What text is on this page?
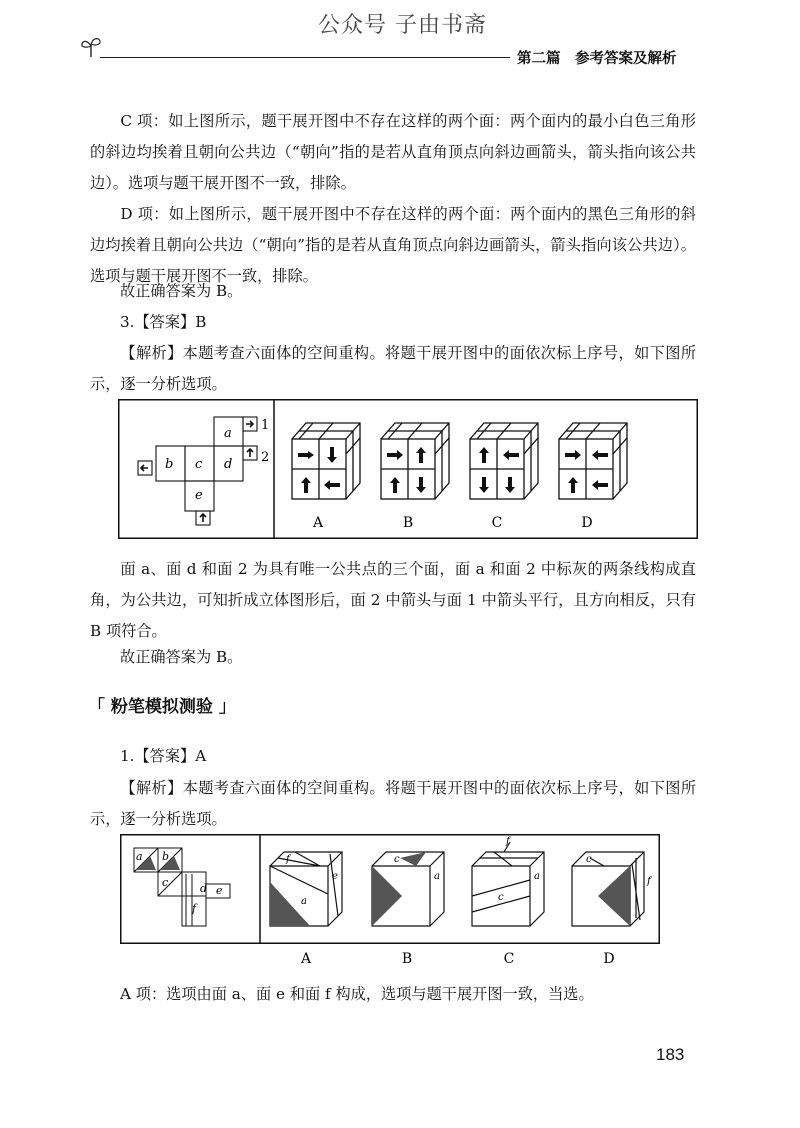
公众号 子由书斋
第二篇　参考答案及解析

C 项：如上图所示，题干展开图中不存在这样的两个面：两个面内的最小白色三角形的斜边均挨着且朝向公共边（“朝向”指的是若从直角顶点向斜边画箭头，箭头指向该公共边）。选项与题干展开图不一致，排除。

D 项：如上图所示，题干展开图中不存在这样的两个面：两个面内的黑色三角形的斜边均挨着且朝向公共边（“朝向”指的是若从直角顶点向斜边画箭头，箭头指向该公共边）。选项与题干展开图不一致，排除。

故正确答案为 B。
3.【答案】B

【解析】本题考查六面体的空间重构。将题干展开图中的面依次标上序号，如下图所示，逐一分析选项。

a
b c d
e
1
2
A	B	C	D

面 a、面 d 和面 2 为具有唯一公共点的三个面，面 a 和面 2 中标灰的两条线构成直角，为公共边，可知折成立体图形后，面 2 中箭头与面 1 中箭头平行，且方向相反，只有 B 项符合。

故正确答案为 B。
「 粉笔模拟测验 」
1.【答案】A

【解析】本题考查六面体的空间重构。将题干展开图中的面依次标上序号，如下图所示，逐一分析选项。

a b
c	d e
f
f
e
a
c
a
f
a
c
c
f
A	B	C	D
A 项：选项由面 a、面 e 和面 f 构成，选项与题干展开图一致，当选。
183
